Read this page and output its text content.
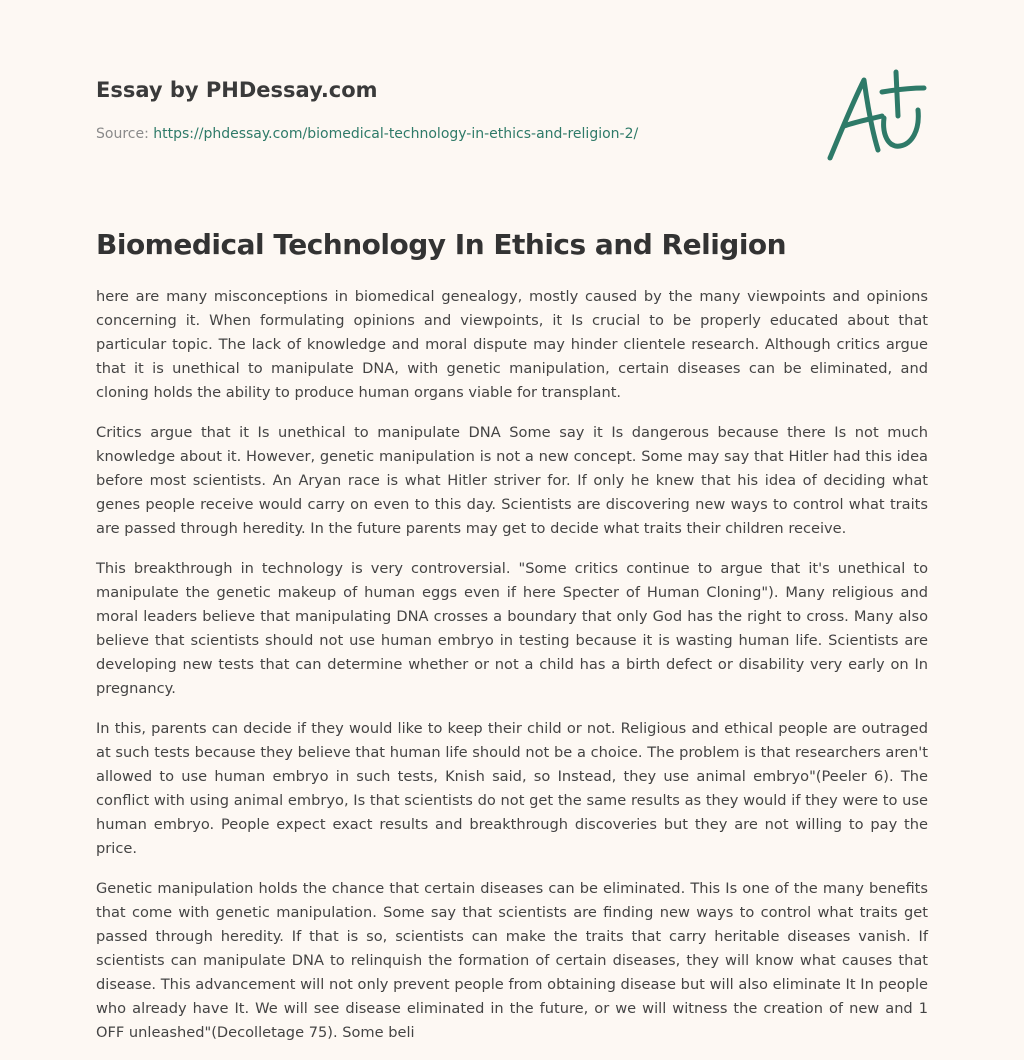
Essay by PHDessay.com
Source: https://phdessay.com/biomedical-technology-in-ethics-and-religion-2/
Biomedical Technology In Ethics and Religion

here are many misconceptions in biomedical genealogy, mostly caused by the many viewpoints and opinions concerning it. When formulating opinions and viewpoints, it Is crucial to be properly educated about that particular topic. The lack of knowledge and moral dispute may hinder clientele research. Although critics argue that it is unethical to manipulate DNA, with genetic manipulation, certain diseases can be eliminated, and cloning holds the ability to produce human organs viable for transplant.

Critics argue that it Is unethical to manipulate DNA Some say it Is dangerous because there Is not much knowledge about it. However, genetic manipulation is not a new concept. Some may say that Hitler had this idea before most scientists. An Aryan race is what Hitler striver for. If only he knew that his idea of deciding what genes people receive would carry on even to this day. Scientists are discovering new ways to control what traits are passed through heredity. In the future parents may get to decide what traits their children receive.

This breakthrough in technology is very controversial. "Some critics continue to argue that it's unethical to manipulate the genetic makeup of human eggs even if here Specter of Human Cloning"). Many religious and moral leaders believe that manipulating DNA crosses a boundary that only God has the right to cross. Many also believe that scientists should not use human embryo in testing because it is wasting human life. Scientists are developing new tests that can determine whether or not a child has a birth defect or disability very early on In pregnancy.

In this, parents can decide if they would like to keep their child or not. Religious and ethical people are outraged at such tests because they believe that human life should not be a choice. The problem is that researchers aren't allowed to use human embryo in such tests, Knish said, so Instead, they use animal embryo"(Peeler 6). The conflict with using animal embryo, Is that scientists do not get the same results as they would if they were to use human embryo. People expect exact results and breakthrough discoveries but they are not willing to pay the price.

Genetic manipulation holds the chance that certain diseases can be eliminated. This Is one of the many benefits that come with genetic manipulation. Some say that scientists are finding new ways to control what traits get passed through heredity. If that is so, scientists can make the traits that carry heritable diseases vanish. If scientists can manipulate DNA to relinquish the formation of certain diseases, they will know what causes that disease. This advancement will not only prevent people from obtaining disease but will also eliminate It In people who already have It. We will see disease eliminated in the future, or we will witness the creation of new and 1 OFF unleashed"(Decolletage 75). Some beli
